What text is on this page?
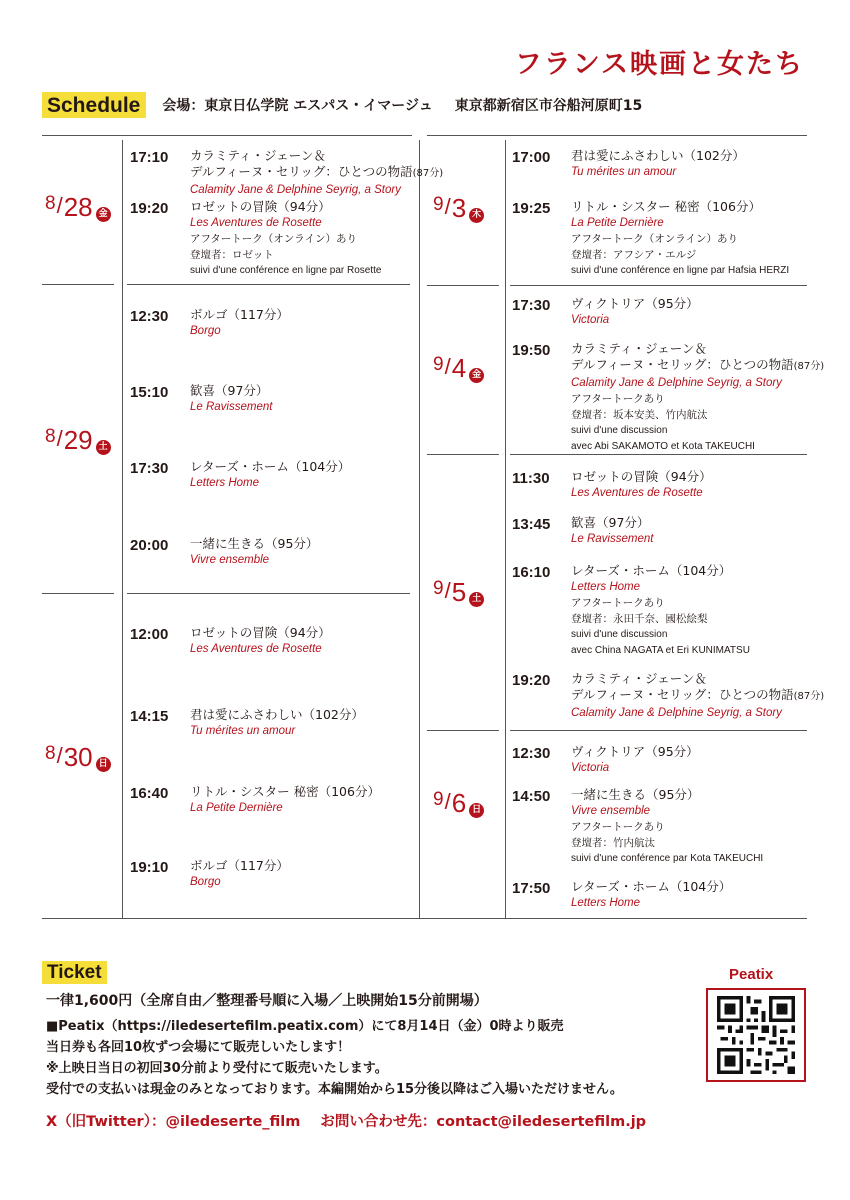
フランス映画と女たち
Schedule	会場：東京日仏学院 エスパス・イマージュ 東京都新宿区市谷船河原町15
8 / 28 金
8 / 29 土
8 / 30 日
17:10 カラミティ・ジェーン＆
デルフィーヌ・セリッグ：ひとつの物語(87分)
Calamity Jane & Delphine Seyrig, a Story
19:20 ロゼットの冒険（94分）
Les Aventures de Rosette
アフタートーク（オンライン）あり
登壇者：ロゼット
suivi d'une conférence en ligne par Rosette
12:30 ボルゴ（117分）
Borgo
15:10 歓喜（97分）
Le Ravissement
17:30 レターズ・ホーム（104分）
Letters Home
20:00 一緒に生きる（95分）
Vivre ensemble
12:00 ロゼットの冒険（94分）
Les Aventures de Rosette
14:15 君は愛にふさわしい（102分）
Tu mérites un amour
16:40 リトル・シスター 秘密（106分）
La Petite Dernière
19:10 ボルゴ（117分）
Borgo
9 / 3 木
9 / 4 金
9 / 5 土
9 / 6 日
17:00 君は愛にふさわしい（102分）
Tu mérites un amour
19:25 リトル・シスター 秘密（106分）
La Petite Dernière
アフタートーク（オンライン）あり
登壇者：アフシア・エルジ
suivi d'une conférence en ligne par Hafsia HERZI
17:30 ヴィクトリア（95分）
Victoria
19:50 カラミティ・ジェーン＆
デルフィーヌ・セリッグ：ひとつの物語(87分)
Calamity Jane & Delphine Seyrig, a Story
アフタートークあり
登壇者：坂本安美、竹内航汰
suivi d'une discussion
avec Abi SAKAMOTO et Kota TAKEUCHI
11:30 ロゼットの冒険（94分）
Les Aventures de Rosette
13:45 歓喜（97分）
Le Ravissement
16:10 レターズ・ホーム（104分）
Letters Home
アフタートークあり
登壇者：永田千奈、國松絵梨
suivi d'une discussion
avec China NAGATA et Eri KUNIMATSU
19:20 カラミティ・ジェーン＆
デルフィーヌ・セリッグ：ひとつの物語(87分)
Calamity Jane & Delphine Seyrig, a Story
12:30 ヴィクトリア（95分）
Victoria
14:50 一緒に生きる（95分）
Vivre ensemble
アフタートークあり
登壇者：竹内航汰
suivi d'une conférence par Kota TAKEUCHI
17:50 レターズ・ホーム（104分）
Letters Home
Ticket
一律1,600円（全席自由／整理番号順に入場／上映開始15分前開場）
■Peatix（https://iledesertefilm.peatix.com）にて8月14日（金）0時より販売
当日券も各回10枚ずつ会場にて販売しいたします！
※上映日当日の初回30分前より受付にて販売いたします。
受付での支払いは現金のみとなっております。本編開始から15分後以降はご入場いただけません。
X（旧Twitter）：@iledeserte_film お問い合わせ先：contact@iledesertefilm.jp
Peatix
